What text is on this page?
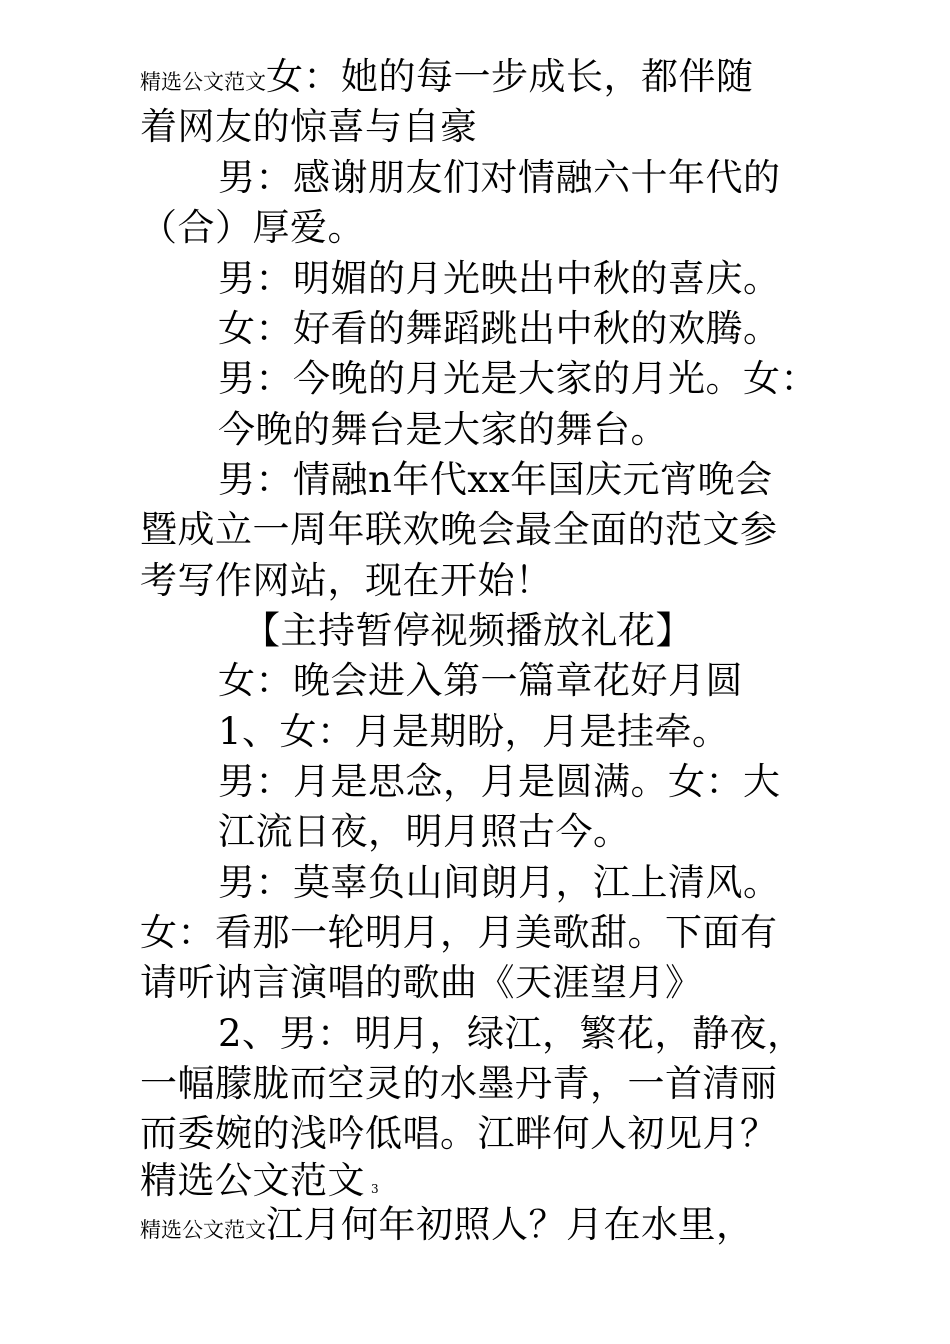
精选公文范文女：她的每一步成长，都伴随
着网友的惊喜与自豪
男：感谢朋友们对情融六十年代的
（合）厚爱。
男：明媚的月光映出中秋的喜庆。
女：好看的舞蹈跳出中秋的欢腾。
男：今晚的月光是大家的月光。女：
今晚的舞台是大家的舞台。
男：情融n年代xx年国庆元宵晚会
暨成立一周年联欢晚会最全面的范文参
考写作网站，现在开始！
【主持暂停视频播放礼花】
女：晚会进入第一篇章花好月圆
1、女：月是期盼，月是挂牵。
男：月是思念，月是圆满。女：大
江流日夜，明月照古今。
男：莫辜负山间朗月，江上清风。
女：看那一轮明月，月美歌甜。下面有
请听讷言演唱的歌曲《天涯望月》
2、男：明月，绿江，繁花，静夜，
一幅朦胧而空灵的水墨丹青，一首清丽
而委婉的浅吟低唱。江畔何人初见月？
精选公文范文 3
精选公文范文江月何年初照人？月在水里，
